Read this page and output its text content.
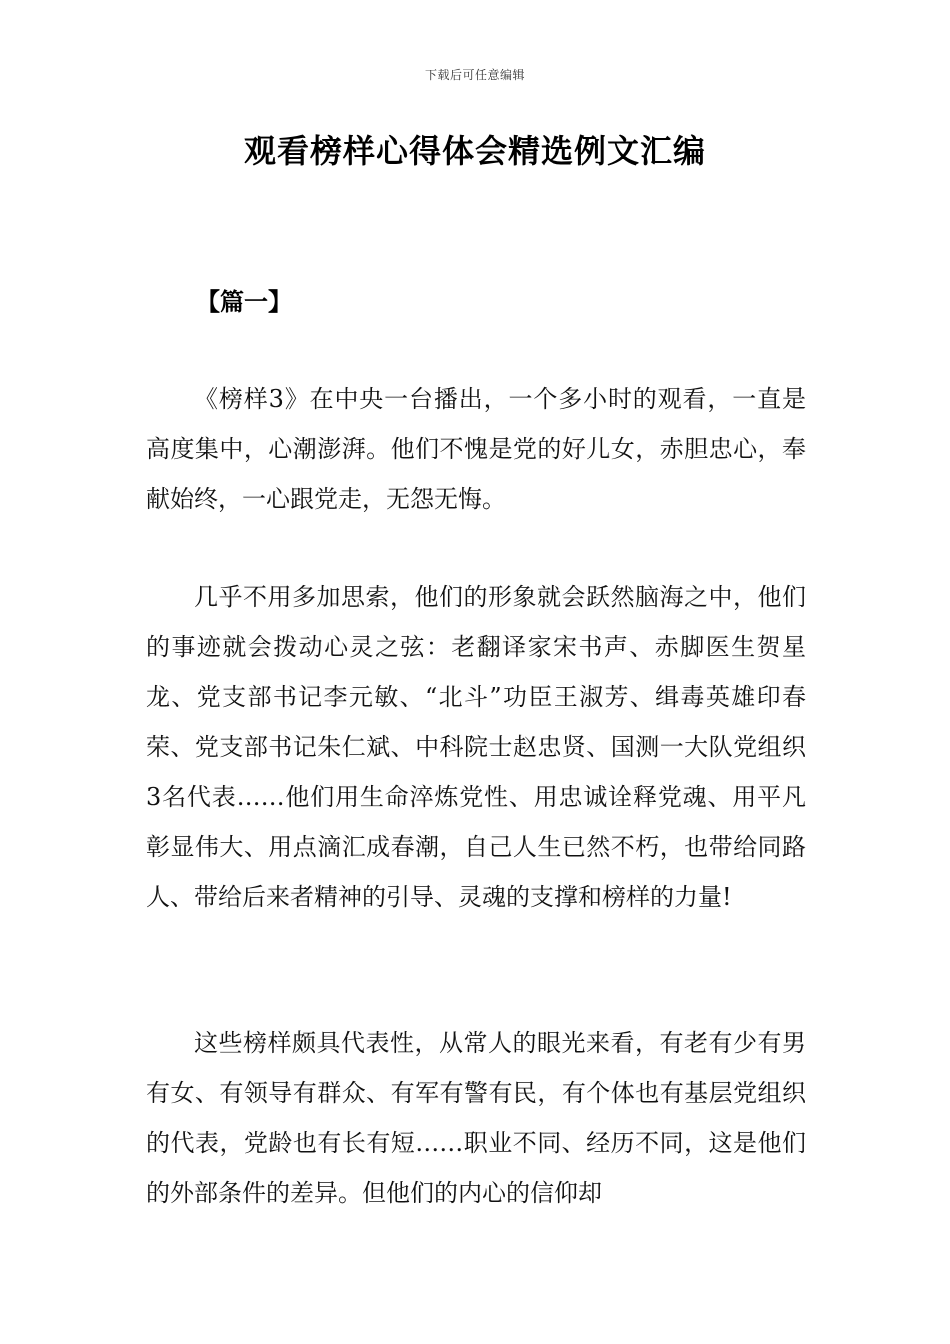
下载后可任意编辑
观看榜样心得体会精选例文汇编
【篇一】

《榜样3》在中央一台播出，一个多小时的观看，一直是高度集中，心潮澎湃。他们不愧是党的好儿女，赤胆忠心，奉献始终，一心跟党走，无怨无悔。

几乎不用多加思索，他们的形象就会跃然脑海之中，他们的事迹就会拨动心灵之弦：老翻译家宋书声、赤脚医生贺星龙、党支部书记李元敏、“北斗”功臣王淑芳、缉毒英雄印春荣、党支部书记朱仁斌、中科院士赵忠贤、国测一大队党组织3名代表……他们用生命淬炼党性、用忠诚诠释党魂、用平凡彰显伟大、用点滴汇成春潮，自己人生已然不朽，也带给同路人、带给后来者精神的引导、灵魂的支撑和榜样的力量!

这些榜样颇具代表性，从常人的眼光来看，有老有少有男有女、有领导有群众、有军有警有民，有个体也有基层党组织的代表，党龄也有长有短……职业不同、经历不同，这是他们的外部条件的差异。但他们的内心的信仰却
